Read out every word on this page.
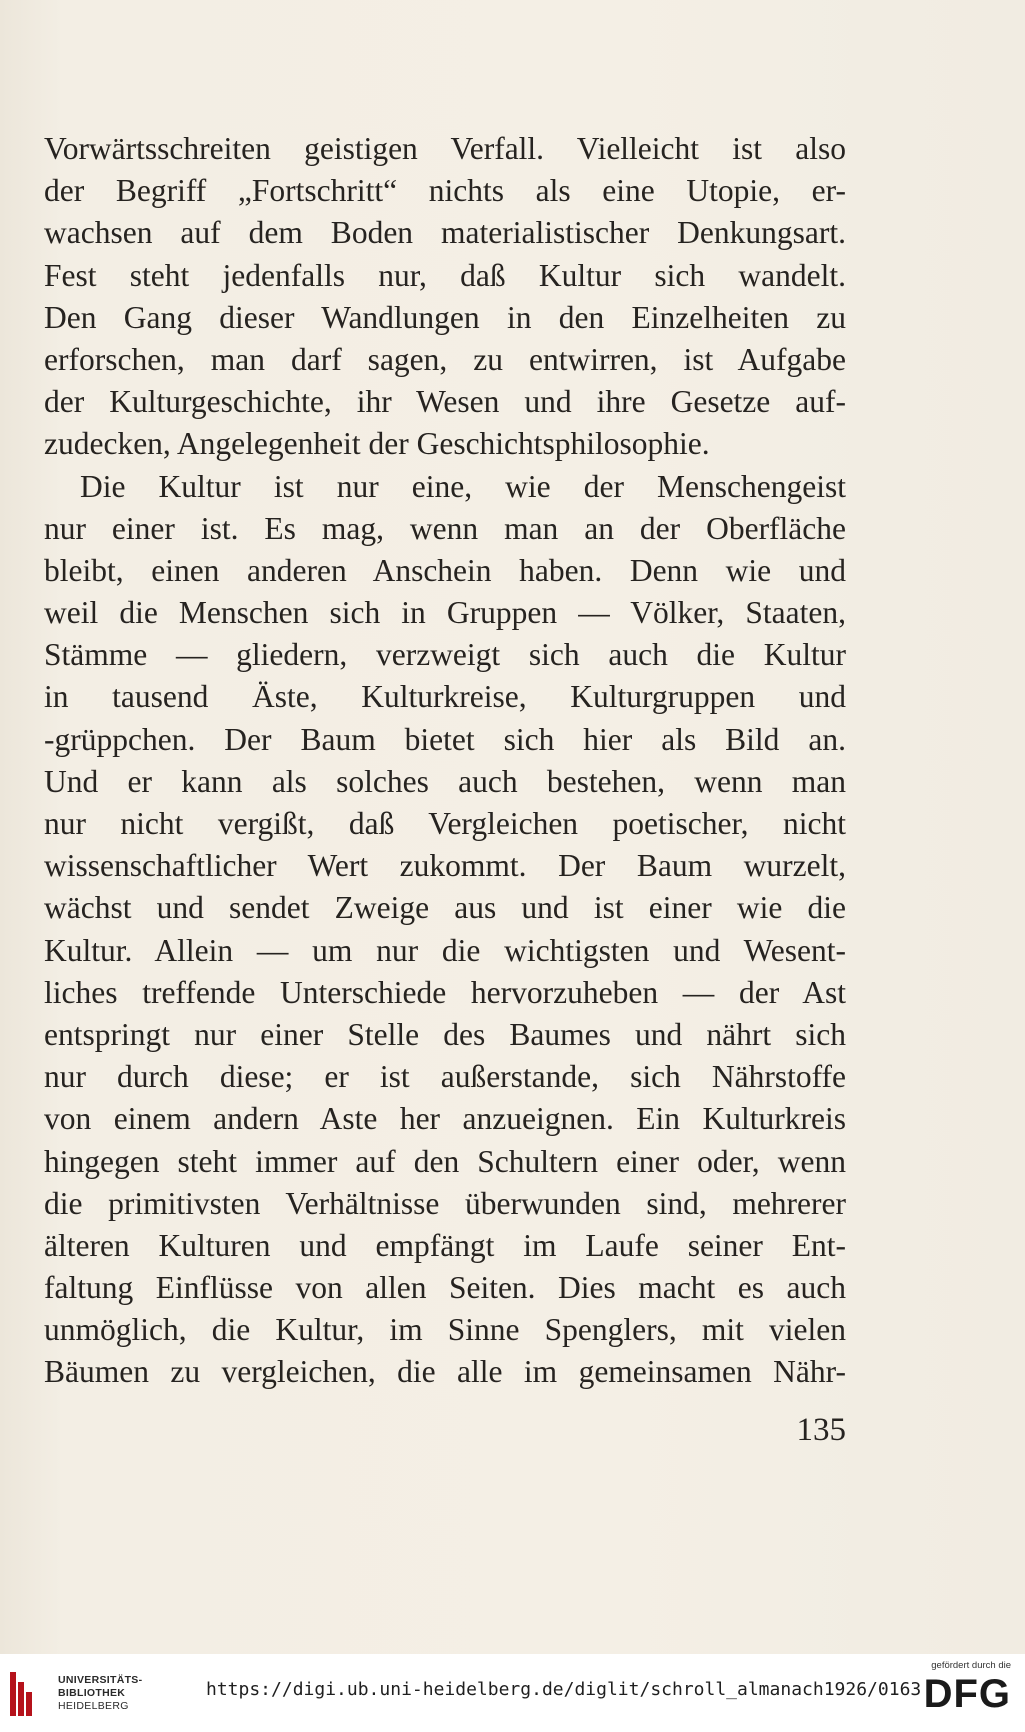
Vorwärtsschreiten geistigen Verfall. Vielleicht ist also
der Begriff „Fortschritt“ nichts als eine Utopie, er-
wachsen auf dem Boden materialistischer Denkungsart.
Fest steht jedenfalls nur, daß Kultur sich wandelt.
Den Gang dieser Wandlungen in den Einzelheiten zu
erforschen, man darf sagen, zu entwirren, ist Aufgabe
der Kulturgeschichte, ihr Wesen und ihre Gesetze auf-
zudecken, Angelegenheit der Geschichtsphilosophie.
Die Kultur ist nur eine, wie der Menschengeist
nur einer ist. Es mag, wenn man an der Oberfläche
bleibt, einen anderen Anschein haben. Denn wie und
weil die Menschen sich in Gruppen — Völker, Staaten,
Stämme — gliedern, verzweigt sich auch die Kultur
in tausend Äste, Kulturkreise, Kulturgruppen und
-grüppchen. Der Baum bietet sich hier als Bild an.
Und er kann als solches auch bestehen, wenn man
nur nicht vergißt, daß Vergleichen poetischer, nicht
wissenschaftlicher Wert zukommt. Der Baum wurzelt,
wächst und sendet Zweige aus und ist einer wie die
Kultur. Allein — um nur die wichtigsten und Wesent-
liches treffende Unterschiede hervorzuheben — der Ast
entspringt nur einer Stelle des Baumes und nährt sich
nur durch diese; er ist außerstande, sich Nährstoffe
von einem andern Aste her anzueignen. Ein Kulturkreis
hingegen steht immer auf den Schultern einer oder, wenn
die primitivsten Verhältnisse überwunden sind, mehrerer
älteren Kulturen und empfängt im Laufe seiner Ent-
faltung Einflüsse von allen Seiten. Dies macht es auch
unmöglich, die Kultur, im Sinne Spenglers, mit vielen
Bäumen zu vergleichen, die alle im gemeinsamen Nähr-
135
UNIVERSITÄTS-
BIBLIOTHEK
HEIDELBERG
https://digi.ub.uni-heidelberg.de/diglit/schroll_almanach1926/0163
gefördert durch die
DFG
